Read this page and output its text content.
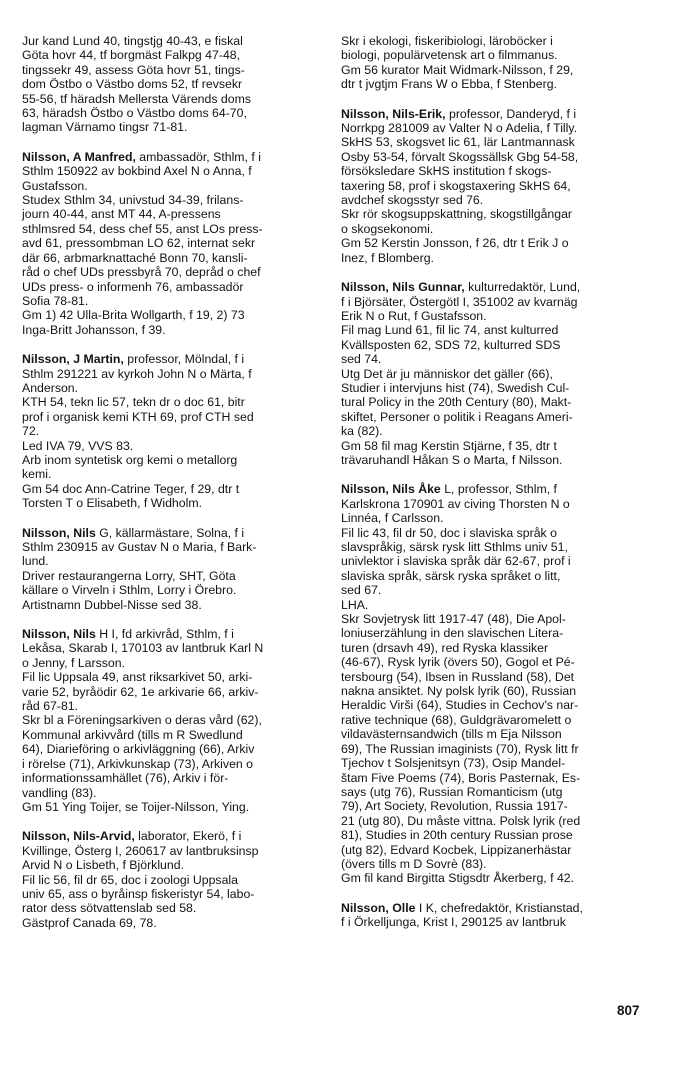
Jur kand Lund 40, tingstjg 40-43, e fiskal
Göta hovr 44, tf borgmäst Falkpg 47-48,
tingssekr 49, assess Göta hovr 51, tings-
dom Östbo o Västbo doms 52, tf revsekr
55-56, tf häradsh Mellersta Värends doms
63, häradsh Östbo o Västbo doms 64-70,
lagman Värnamo tingsr 71-81.
Nilsson, A Manfred, ambassadör, Sthlm, f i
Sthlm 150922 av bokbind Axel N o Anna, f
Gustafsson.
Studex Sthlm 34, univstud 34-39, frilans-
journ 40-44, anst MT 44, A-pressens
sthlmsred 54, dess chef 55, anst LOs press-
avd 61, pressombman LO 62, internat sekr
där 66, arbmarknattaché Bonn 70, kansli-
råd o chef UDs pressbyrå 70, depråd o chef
UDs press- o informenh 76, ambassadör
Sofia 78-81.
Gm 1) 42 Ulla-Brita Wollgarth, f 19, 2) 73
Inga-Britt Johansson, f 39.
Nilsson, J Martin, professor, Mölndal, f i
Sthlm 291221 av kyrkoh John N o Märta, f
Anderson.
KTH 54, tekn lic 57, tekn dr o doc 61, bitr
prof i organisk kemi KTH 69, prof CTH sed
72.
Led IVA 79, VVS 83.
Arb inom syntetisk org kemi o metallorg
kemi.
Gm 54 doc Ann-Catrine Teger, f 29, dtr t
Torsten T o Elisabeth, f Widholm.
Nilsson, Nils G, källarmästare, Solna, f i
Sthlm 230915 av Gustav N o Maria, f Bark-
lund.
Driver restaurangerna Lorry, SHT, Göta
källare o Virveln i Sthlm, Lorry i Örebro.
Artistnamn Dubbel-Nisse sed 38.
Nilsson, Nils H I, fd arkivråd, Sthlm, f i
Lekåsa, Skarab I, 170103 av lantbruk Karl N
o Jenny, f Larsson.
Fil lic Uppsala 49, anst riksarkivet 50, arki-
varie 52, byråödir 62, 1e arkivarie 66, arkiv-
råd 67-81.
Skr bl a Föreningsarkiven o deras vård (62),
Kommunal arkivvård (tills m R Swedlund
64), Diarieföring o arkivläggning (66), Arkiv
i rörelse (71), Arkivkunskap (73), Arkiven o
informationssamhället (76), Arkiv i för-
vandling (83).
Gm 51 Ying Toijer, se Toijer-Nilsson, Ying.
Nilsson, Nils-Arvid, laborator, Ekerö, f i
Kvillinge, Österg I, 260617 av lantbruksinsp
Arvid N o Lisbeth, f Björklund.
Fil lic 56, fil dr 65, doc i zoologi Uppsala
univ 65, ass o byråinsp fiskeristyr 54, labo-
rator dess sötvattenslab sed 58.
Gästprof Canada 69, 78.
Skr i ekologi, fiskeribiologi, läroböcker i
biologi, populärvetensk art o filmmanus.
Gm 56 kurator Mait Widmark-Nilsson, f 29,
dtr t jvgtjm Frans W o Ebba, f Stenberg.
Nilsson, Nils-Erik, professor, Danderyd, f i
Norrkpg 281009 av Valter N o Adelia, f Tilly.
SkHS 53, skogsvet lic 61, lär Lantmannask
Osby 53-54, förvalt Skogssällsk Gbg 54-58,
försöksledare SkHS institution f skogs-
taxering 58, prof i skogstaxering SkHS 64,
avdchef skogsstyr sed 76.
Skr rör skogsuppskattning, skogstillgångar
o skogsekonomi.
Gm 52 Kerstin Jonsson, f 26, dtr t Erik J o
Inez, f Blomberg.
Nilsson, Nils Gunnar, kulturredaktör, Lund,
f i Björsäter, Östergötl I, 351002 av kvarnäg
Erik N o Rut, f Gustafsson.
Fil mag Lund 61, fil lic 74, anst kulturred
Kvällsposten 62, SDS 72, kulturred SDS
sed 74.
Utg Det är ju människor det gäller (66),
Studier i intervjuns hist (74), Swedish Cul-
tural Policy in the 20th Century (80), Makt-
skiftet, Personer o politik i Reagans Ameri-
ka (82).
Gm 58 fil mag Kerstin Stjärne, f 35, dtr t
trävaruhandl Håkan S o Marta, f Nilsson.
Nilsson, Nils Åke L, professor, Sthlm, f
Karlskrona 170901 av civing Thorsten N o
Linnéa, f Carlsson.
Fil lic 43, fil dr 50, doc i slaviska språk o
slavspråkig, särsk rysk litt Sthlms univ 51,
univlektor i slaviska språk där 62-67, prof i
slaviska språk, särsk ryska språket o litt,
sed 67.
LHA.
Skr Sovjetrysk litt 1917-47 (48), Die Apol-
loniuserzählung in den slavischen Litera-
turen (drsavh 49), red Ryska klassiker
(46-67), Rysk lyrik (övers 50), Gogol et Pé-
tersbourg (54), Ibsen in Russland (58), Det
nakna ansiktet. Ny polsk lyrik (60), Russian
Heraldic Virši (64), Studies in Cechov's nar-
rative technique (68), Guldgrävaromelett o
vildavästernsandwich (tills m Eja Nilsson
69), The Russian imaginists (70), Rysk litt fr
Tjechov t Solsjenitsyn (73), Osip Mandel-
štam Five Poems (74), Boris Pasternak, Es-
says (utg 76), Russian Romanticism (utg
79), Art Society, Revolution, Russia 1917-
21 (utg 80), Du måste vittna. Polsk lyrik (red
81), Studies in 20th century Russian prose
(utg 82), Edvard Kocbek, Lippizanerhästar
(övers tills m D Sovrè (83).
Gm fil kand Birgitta Stigsdtr Åkerberg, f 42.
Nilsson, Olle I K, chefredaktör, Kristianstad,
f i Örkelljunga, Krist I, 290125 av lantbruk
807
